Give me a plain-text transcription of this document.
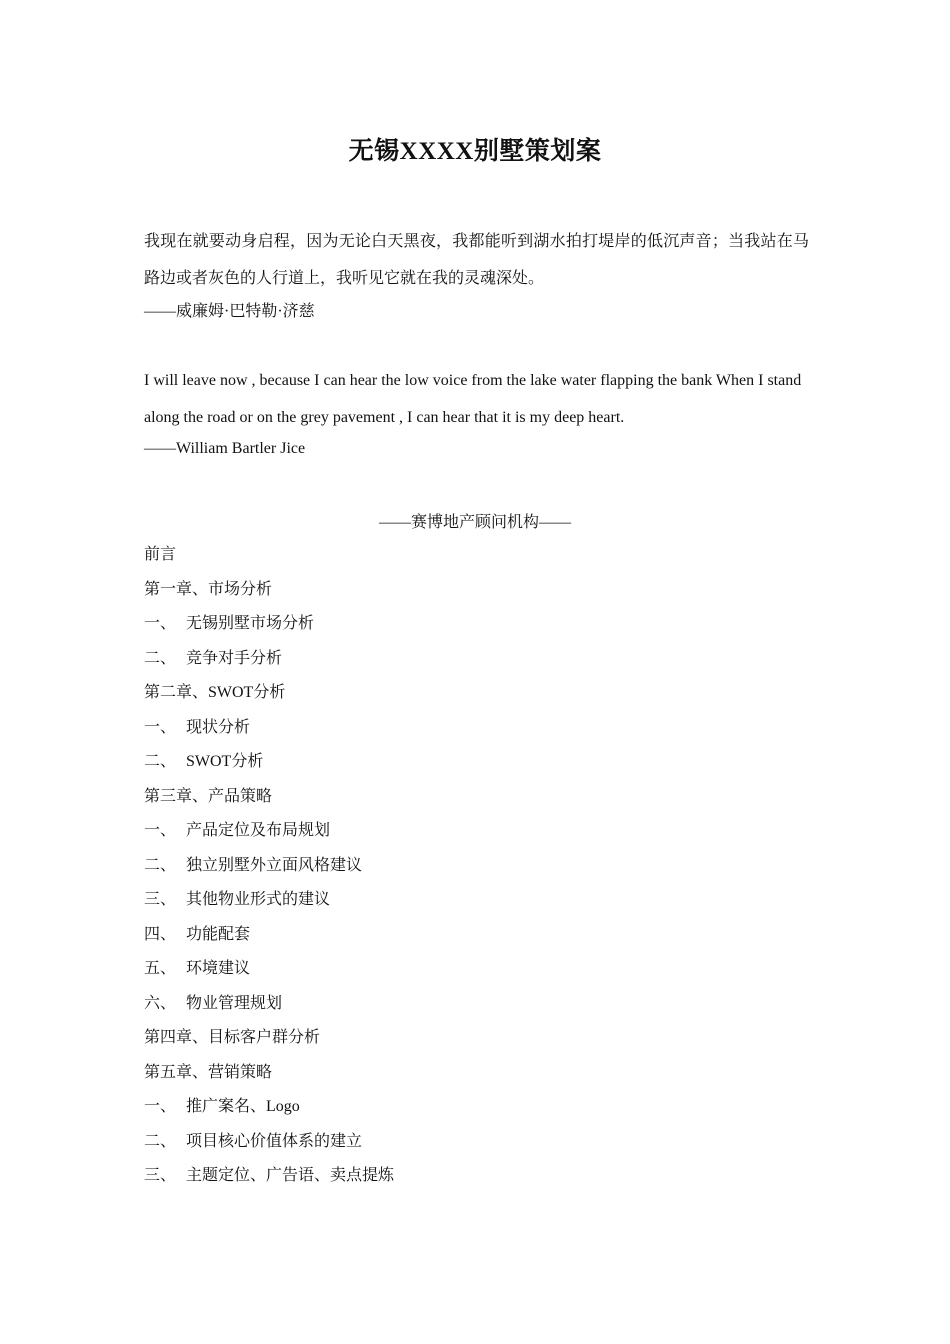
无锡XXXX别墅策划案
我现在就要动身启程，因为无论白天黑夜，我都能听到湖水拍打堤岸的低沉声音；当我站在马路边或者灰色的人行道上，我听见它就在我的灵魂深处。
——威廉姆·巴特勒·济慈
I will leave now , because I can hear the low voice from the lake water flapping the bank When I stand along the road or on the grey pavement , I can hear that it is my deep heart.
——William Bartler Jice
——赛博地产顾问机构——
前言
第一章、市场分析
一、 无锡别墅市场分析
二、 竞争对手分析
第二章、SWOT分析
一、 现状分析
二、 SWOT分析
第三章、产品策略
一、 产品定位及布局规划
二、 独立别墅外立面风格建议
三、 其他物业形式的建议
四、 功能配套
五、 环境建议
六、 物业管理规划
第四章、目标客户群分析
第五章、营销策略
一、 推广案名、Logo
二、 项目核心价值体系的建立
三、 主题定位、广告语、卖点提炼
